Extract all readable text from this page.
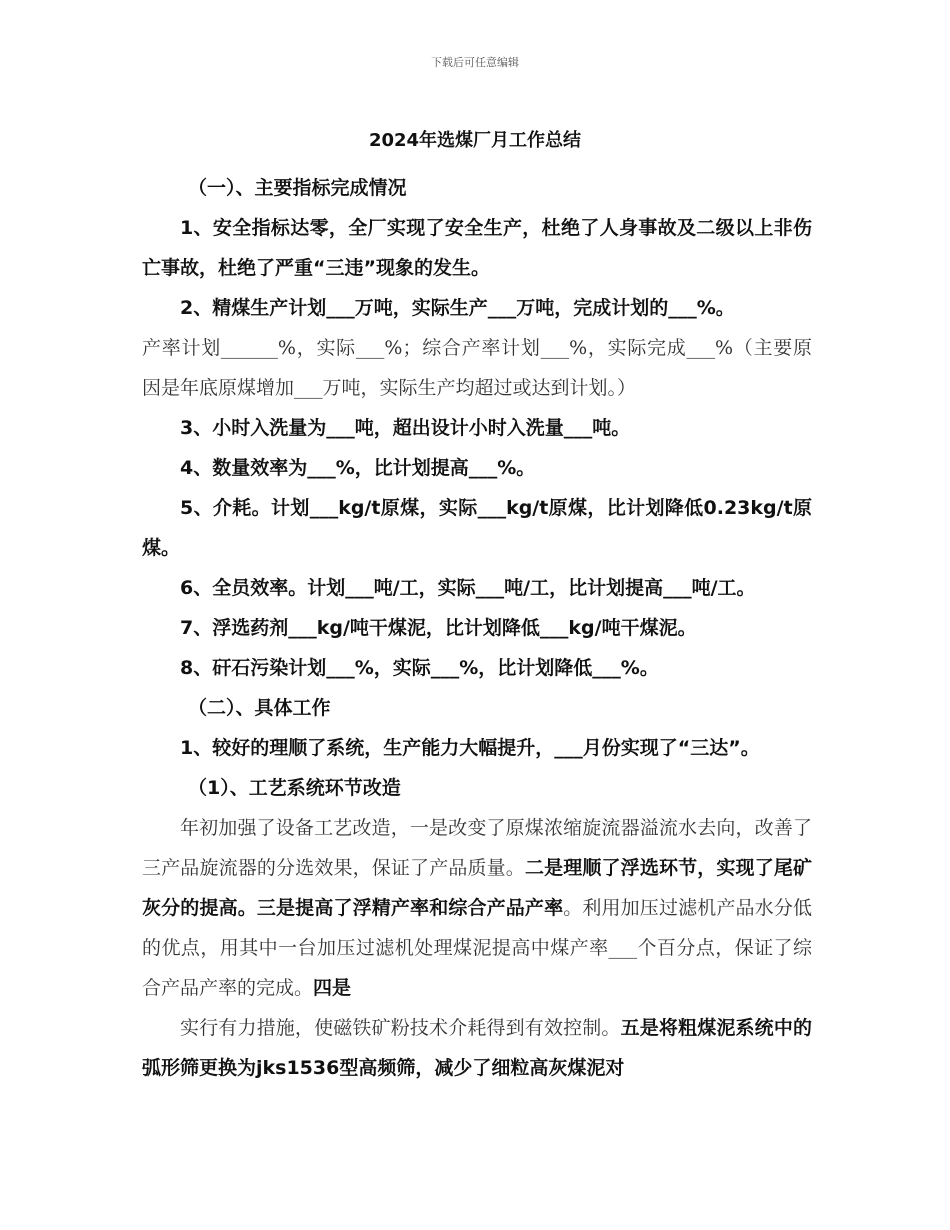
下载后可任意编辑
2024年选煤厂月工作总结

（一）、主要指标完成情况

1、安全指标达零，全厂实现了安全生产，杜绝了人身事故及二级以上非伤亡事故，杜绝了严重“三违”现象的发生。

2、精煤生产计划___万吨，实际生产___万吨，完成计划的___%。

产率计划______%，实际___%；综合产率计划___%，实际完成___%（主要原因是年底原煤增加___万吨，实际生产均超过或达到计划。）

3、小时入洗量为___吨，超出设计小时入洗量___吨。

4、数量效率为___%，比计划提高___%。

5、介耗。计划___kg/t原煤，实际___kg/t原煤，比计划降低0.23kg/t原煤。

6、全员效率。计划___吨/工，实际___吨/工，比计划提高___吨/工。

7、浮选药剂___kg/吨干煤泥，比计划降低___kg/吨干煤泥。

8、矸石污染计划___%，实际___%，比计划降低___%。

（二）、具体工作

1、较好的理顺了系统，生产能力大幅提升，___月份实现了“三达”。

（1）、工艺系统环节改造

年初加强了设备工艺改造，一是改变了原煤浓缩旋流器溢流水去向，改善了三产品旋流器的分选效果，保证了产品质量。二是理顺了浮选环节，实现了尾矿灰分的提高。三是提高了浮精产率和综合产品产率。利用加压过滤机产品水分低的优点，用其中一台加压过滤机处理煤泥提高中煤产率___个百分点，保证了综合产品产率的完成。四是

实行有力措施，使磁铁矿粉技术介耗得到有效控制。五是将粗煤泥系统中的弧形筛更换为jks1536型高频筛，减少了细粒高灰煤泥对
